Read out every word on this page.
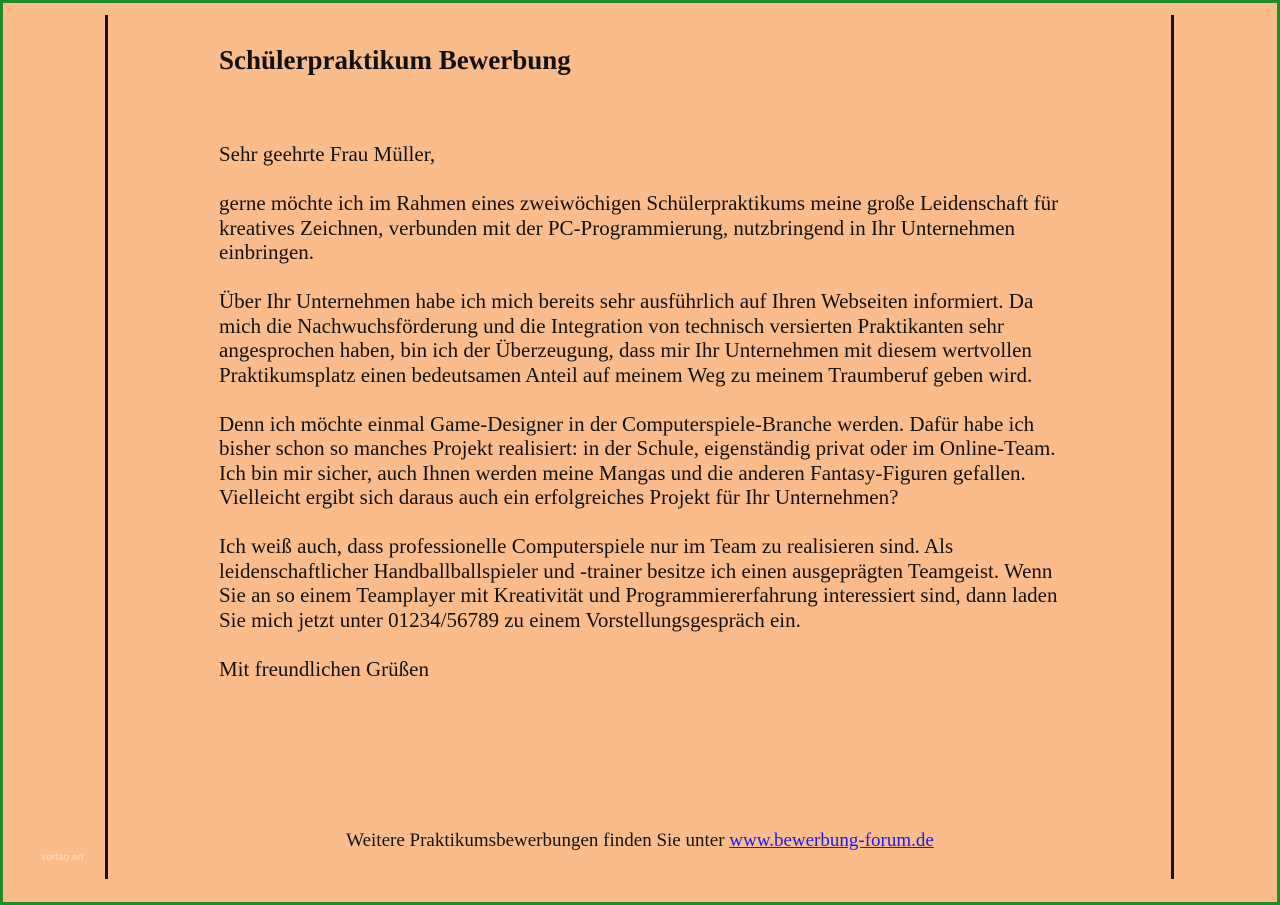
Schülerpraktikum Bewerbung

Sehr geehrte Frau Müller,

gerne möchte ich im Rahmen eines zweiwöchigen Schülerpraktikums meine große Leidenschaft für kreatives Zeichnen, verbunden mit der PC-Programmierung, nutzbringend in Ihr Unternehmen einbringen.

Über Ihr Unternehmen habe ich mich bereits sehr ausführlich auf Ihren Webseiten informiert. Da mich die Nachwuchsförderung und die Integration von technisch versierten Praktikanten sehr angesprochen haben, bin ich der Überzeugung, dass mir Ihr Unternehmen mit diesem wertvollen Praktikumsplatz einen bedeutsamen Anteil auf meinem Weg zu meinem Traumberuf geben wird.

Denn ich möchte einmal Game-Designer in der Computerspiele-Branche werden. Dafür habe ich bisher schon so manches Projekt realisiert: in der Schule, eigenständig privat oder im Online-Team. Ich bin mir sicher, auch Ihnen werden meine Mangas und die anderen Fantasy-Figuren gefallen. Vielleicht ergibt sich daraus auch ein erfolgreiches Projekt für Ihr Unternehmen?

Ich weiß auch, dass professionelle Computerspiele nur im Team zu realisieren sind. Als leidenschaftlicher Handballballspieler und -trainer besitze ich einen ausgeprägten Teamgeist. Wenn Sie an so einem Teamplayer mit Kreativität und Programmiererfahrung interessiert sind, dann laden Sie mich jetzt unter 01234/56789 zu einem Vorstellungsgespräch ein.

Mit freundlichen Grüßen

Weitere Praktikumsbewerbungen finden Sie unter www.bewerbung-forum.de
vorlag.en
